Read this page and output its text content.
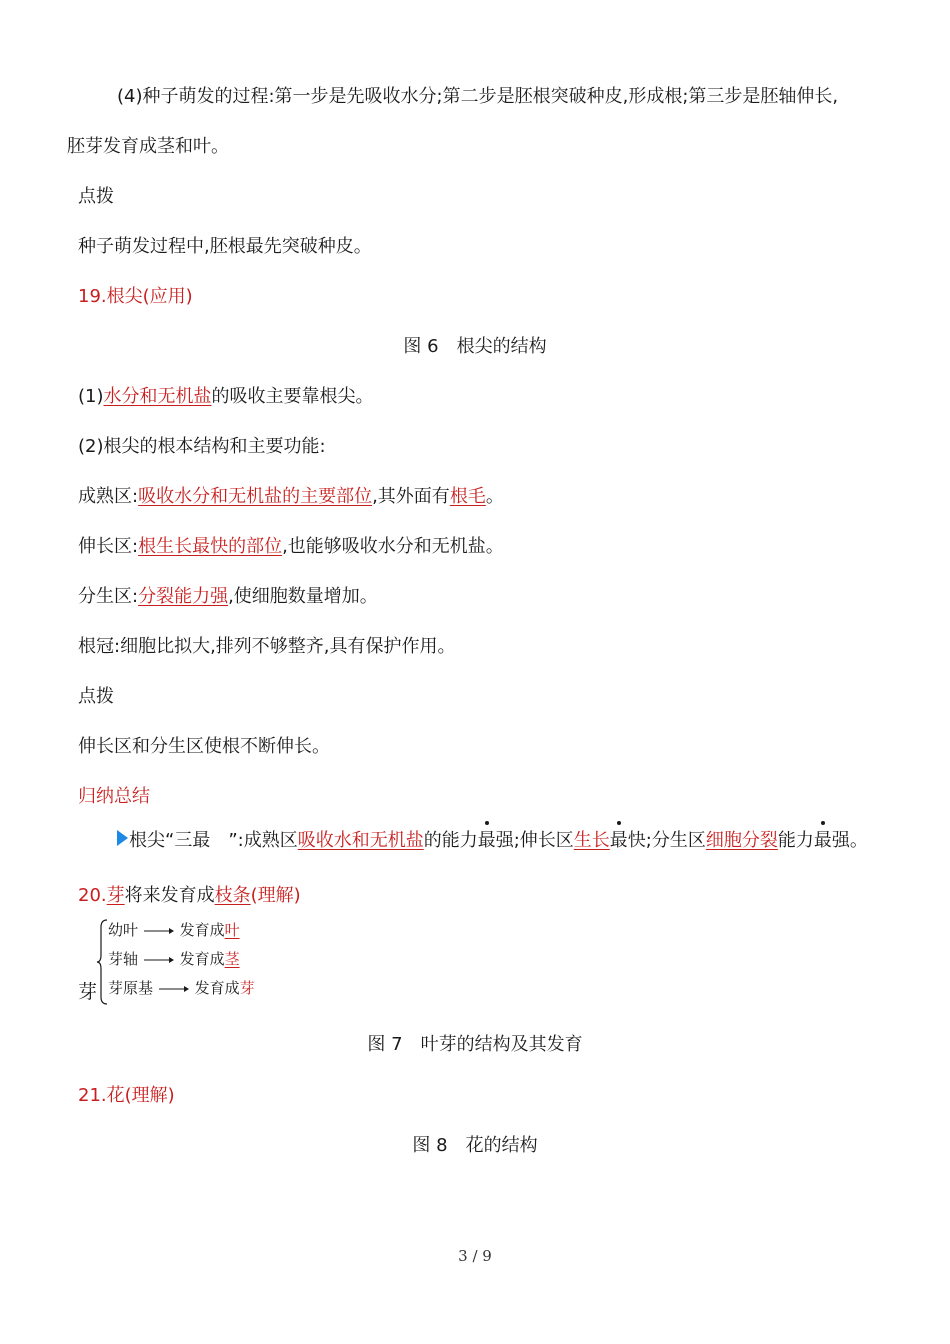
(4)种子萌发的过程:第一步是先吸收水分;第二步是胚根突破种皮,形成根;第三步是胚轴伸长,
胚芽发育成茎和叶。
点拨
种子萌发过程中,胚根最先突破种皮。
19.根尖(应用)
图 6　根尖的结构
(1)水分和无机盐的吸收主要靠根尖。
(2)根尖的根本结构和主要功能:
成熟区:吸收水分和无机盐的主要部位,其外面有根毛。
伸长区:根生长最快的部位,也能够吸收水分和无机盐。
分生区:分裂能力强,使细胞数量增加。
根冠:细胞比拟大,排列不够整齐,具有保护作用。
点拨
伸长区和分生区使根不断伸长。
归纳总结
根尖“三最　”:成熟区吸收水和无机盐的能力最强;伸长区生长最快;分生区细胞分裂能力最强。
20.芽将来发育成枝条(理解)
芽
幼叶	发育成叶
芽轴	发育成茎
芽原基	发育成芽
图 7　叶芽的结构及其发育
21.花(理解)
图 8　花的结构
3 / 9
